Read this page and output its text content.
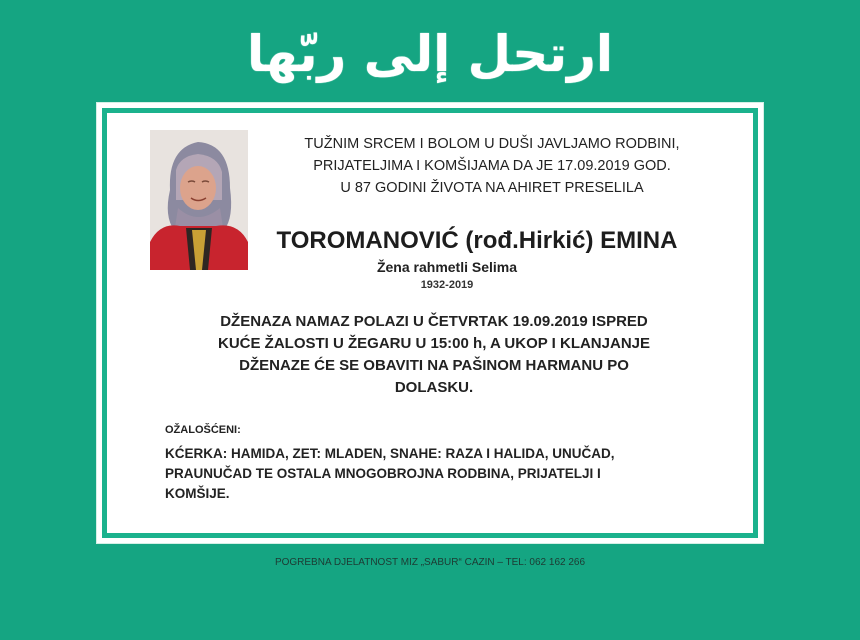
ارتحل إلى ربّها
TUŽNIM SRCEM I BOLOM U DUŠI JAVLJAMO RODBINI,
PRIJATELJIMA I KOMŠIJAMA DA JE 17.09.2019 GOD.
U 87 GODINI ŽIVOTA NA AHIRET PRESELILA
TOROMANOVIĆ (rođ.Hirkić) EMINA
Žena rahmetli Selima
1932-2019
DŽENAZA NAMAZ POLAZI U ČETVRTAK 19.09.2019 ISPRED
KUĆE ŽALOSTI U ŽEGARU U 15:00 h, A UKOP I KLANJANJE
DŽENAZE ĆE SE OBAVITI NA PAŠINOM HARMANU PO
DOLASKU.
OŽALOŠĆENI:
KĆERKA: HAMIDA, ZET: MLADEN, SNAHE: RAZA I HALIDA, UNUČAD,
PRAUNUČAD TE OSTALA MNOGOBROJNA RODBINA, PRIJATELJI I
KOMŠIJE.
POGREBNA DJELATNOST MIZ „SABUR“ CAZIN – TEL: 062 162 266
